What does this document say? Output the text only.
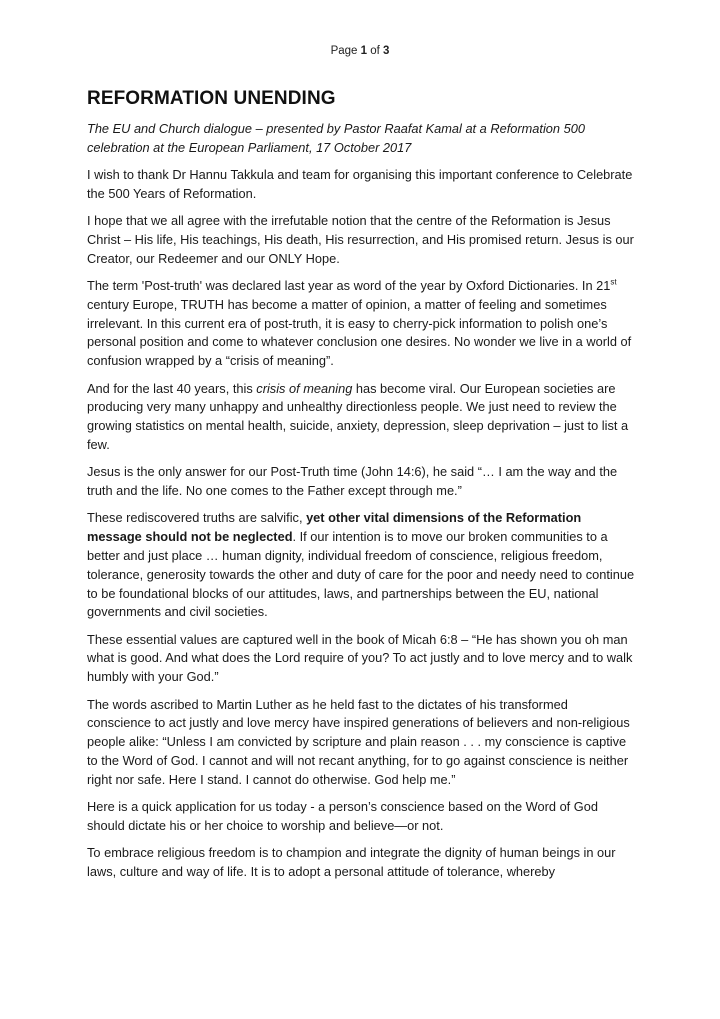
Page 1 of 3
REFORMATION UNENDING

The EU and Church dialogue – presented by Pastor Raafat Kamal at a Reformation 500 celebration at the European Parliament, 17 October 2017

I wish to thank Dr Hannu Takkula and team for organising this important conference to Celebrate the 500 Years of Reformation.

I hope that we all agree with the irrefutable notion that the centre of the Reformation is Jesus Christ – His life, His teachings, His death, His resurrection, and His promised return. Jesus is our Creator, our Redeemer and our ONLY Hope.

The term 'Post-truth' was declared last year as word of the year by Oxford Dictionaries. In 21st century Europe, TRUTH has become a matter of opinion, a matter of feeling and sometimes irrelevant. In this current era of post-truth, it is easy to cherry-pick information to polish one’s personal position and come to whatever conclusion one desires. No wonder we live in a world of confusion wrapped by a “crisis of meaning”.

And for the last 40 years, this crisis of meaning has become viral. Our European societies are producing very many unhappy and unhealthy directionless people. We just need to review the growing statistics on mental health, suicide, anxiety, depression, sleep deprivation – just to list a few.

Jesus is the only answer for our Post-Truth time (John 14:6), he said “… I am the way and the truth and the life. No one comes to the Father except through me.”

These rediscovered truths are salvific, yet other vital dimensions of the Reformation message should not be neglected. If our intention is to move our broken communities to a better and just place … human dignity, individual freedom of conscience, religious freedom, tolerance, generosity towards the other and duty of care for the poor and needy need to continue to be foundational blocks of our attitudes, laws, and partnerships between the EU, national governments and civil societies.

These essential values are captured well in the book of Micah 6:8 – “He has shown you oh man what is good. And what does the Lord require of you? To act justly and to love mercy and to walk humbly with your God.”

The words ascribed to Martin Luther as he held fast to the dictates of his transformed conscience to act justly and love mercy have inspired generations of believers and non-religious people alike: “Unless I am convicted by scripture and plain reason . . . my conscience is captive to the Word of God. I cannot and will not recant anything, for to go against conscience is neither right nor safe. Here I stand. I cannot do otherwise. God help me.”

Here is a quick application for us today - a person’s conscience based on the Word of God should dictate his or her choice to worship and believe—or not.

To embrace religious freedom is to champion and integrate the dignity of human beings in our laws, culture and way of life. It is to adopt a personal attitude of tolerance, whereby
